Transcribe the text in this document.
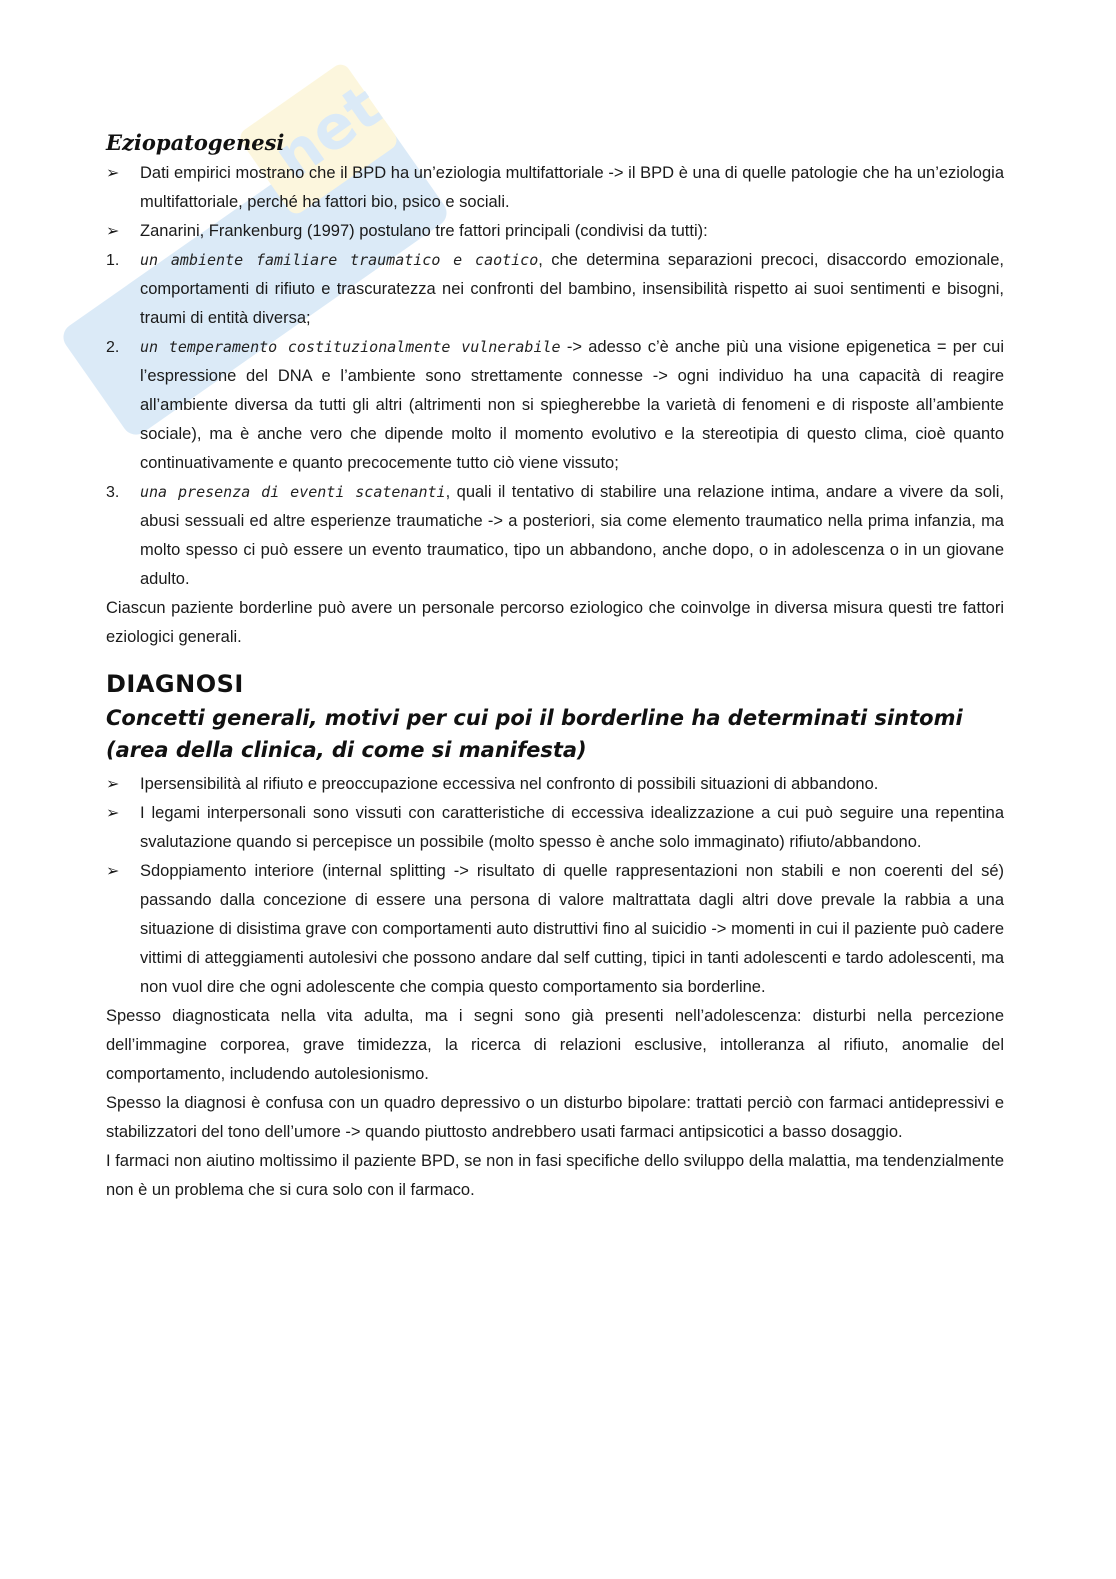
net
Eziopatogenesi
➢	Dati empirici mostrano che il BPD ha un’eziologia multifattoriale -> il BPD è una di quelle patologie che ha un’eziologia multifattoriale, perché ha fattori bio, psico e sociali.
➢	Zanarini, Frankenburg (1997) postulano tre fattori principali (condivisi da tutti):
1.	un ambiente familiare traumatico e caotico, che determina separazioni precoci, disaccordo emozionale, comportamenti di rifiuto e trascuratezza nei confronti del bambino, insensibilità rispetto ai suoi sentimenti e bisogni, traumi di entità diversa;
2.	un temperamento costituzionalmente vulnerabile -> adesso c’è anche più una visione epigenetica = per cui l’espressione del DNA e l’ambiente sono strettamente connesse -> ogni individuo ha una capacità di reagire all’ambiente diversa da tutti gli altri (altrimenti non si spiegherebbe la varietà di fenomeni e di risposte all’ambiente sociale), ma è anche vero che dipende molto il momento evolutivo e la stereotipia di questo clima, cioè quanto continuativamente e quanto precocemente tutto ciò viene vissuto;
3.	una presenza di eventi scatenanti, quali il tentativo di stabilire una relazione intima, andare a vivere da soli, abusi sessuali ed altre esperienze traumatiche -> a posteriori, sia come elemento traumatico nella prima infanzia, ma molto spesso ci può essere un evento traumatico, tipo un abbandono, anche dopo, o in adolescenza o in un giovane adulto.
Ciascun paziente borderline può avere un personale percorso eziologico che coinvolge in diversa misura questi tre fattori eziologici generali.
DIAGNOSI
Concetti generali, motivi per cui poi il borderline ha determinati sintomi (area della clinica, di come si manifesta)
➢	Ipersensibilità al rifiuto e preoccupazione eccessiva nel confronto di possibili situazioni di abbandono.
➢	I legami interpersonali sono vissuti con caratteristiche di eccessiva idealizzazione a cui può seguire una repentina svalutazione quando si percepisce un possibile (molto spesso è anche solo immaginato) rifiuto/abbandono.
➢	Sdoppiamento interiore (internal splitting -> risultato di quelle rappresentazioni non stabili e non coerenti del sé) passando dalla concezione di essere una persona di valore maltrattata dagli altri dove prevale la rabbia a una situazione di disistima grave con comportamenti auto distruttivi fino al suicidio -> momenti in cui il paziente può cadere vittimi di atteggiamenti autolesivi che possono andare dal self cutting, tipici in tanti adolescenti e tardo adolescenti, ma non vuol dire che ogni adolescente che compia questo comportamento sia borderline.
Spesso diagnosticata nella vita adulta, ma i segni sono già presenti nell’adolescenza: disturbi nella percezione dell’immagine corporea, grave timidezza, la ricerca di relazioni esclusive, intolleranza al rifiuto, anomalie del comportamento, includendo autolesionismo.
Spesso la diagnosi è confusa con un quadro depressivo o un disturbo bipolare: trattati perciò con farmaci antidepressivi e stabilizzatori del tono dell’umore -> quando piuttosto andrebbero usati farmaci antipsicotici a basso dosaggio.
I farmaci non aiutino moltissimo il paziente BPD, se non in fasi specifiche dello sviluppo della malattia, ma tendenzialmente non è un problema che si cura solo con il farmaco.
